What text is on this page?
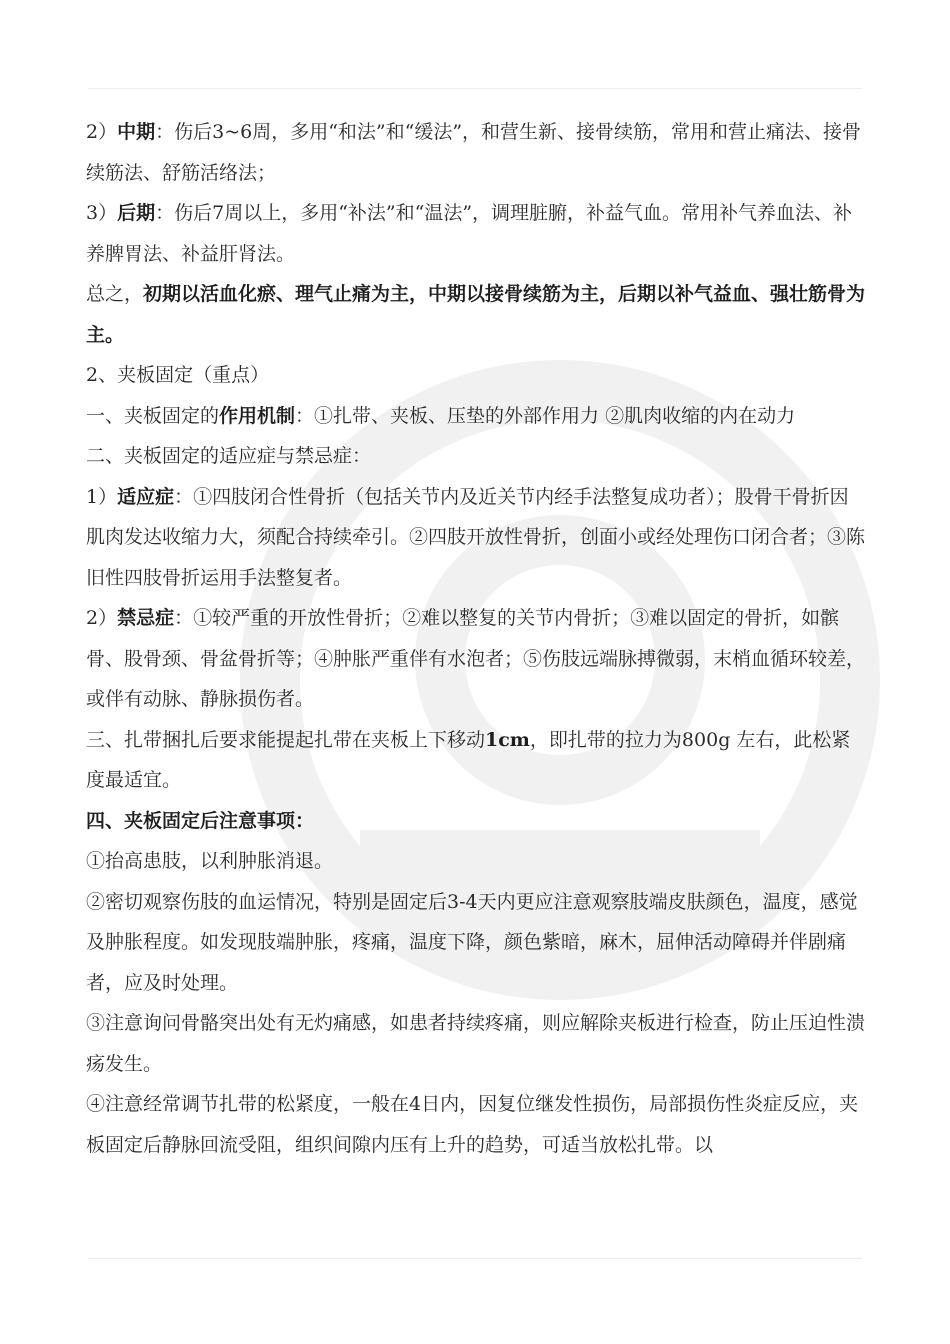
2）中期：伤后3~6周，多用“和法”和“缓法”，和营生新、接骨续筋，常用和营止痛法、接骨续筋法、舒筋活络法；

3）后期：伤后7周以上，多用“补法”和“温法”，调理脏腑，补益气血。常用补气养血法、补养脾胃法、补益肝肾法。

总之，初期以活血化瘀、理气止痛为主，中期以接骨续筋为主，后期以补气益血、强壮筋骨为主。

2、夹板固定（重点）

一、夹板固定的作用机制：①扎带、夹板、压垫的外部作用力 ②肌肉收缩的内在动力

二、夹板固定的适应症与禁忌症：

1）适应症：①四肢闭合性骨折（包括关节内及近关节内经手法整复成功者）；股骨干骨折因肌肉发达收缩力大，须配合持续牵引。②四肢开放性骨折，创面小或经处理伤口闭合者；③陈旧性四肢骨折运用手法整复者。

2）禁忌症：①较严重的开放性骨折；②难以整复的关节内骨折；③难以固定的骨折，如髌骨、股骨颈、骨盆骨折等；④肿胀严重伴有水泡者；⑤伤肢远端脉搏微弱，末梢血循环较差，或伴有动脉、静脉损伤者。

三、扎带捆扎后要求能提起扎带在夹板上下移动1cm，即扎带的拉力为800g 左右，此松紧度最适宜。

四、夹板固定后注意事项：

①抬高患肢，以利肿胀消退。

②密切观察伤肢的血运情况，特别是固定后3-4天内更应注意观察肢端皮肤颜色，温度，感觉及肿胀程度。如发现肢端肿胀，疼痛，温度下降，颜色紫暗，麻木，屈伸活动障碍并伴剧痛者，应及时处理。

③注意询问骨骼突出处有无灼痛感，如患者持续疼痛，则应解除夹板进行检查，防止压迫性溃疡发生。

④注意经常调节扎带的松紧度，一般在4日内，因复位继发性损伤，局部损伤性炎症反应，夹板固定后静脉回流受阻，组织间隙内压有上升的趋势，可适当放松扎带。以
